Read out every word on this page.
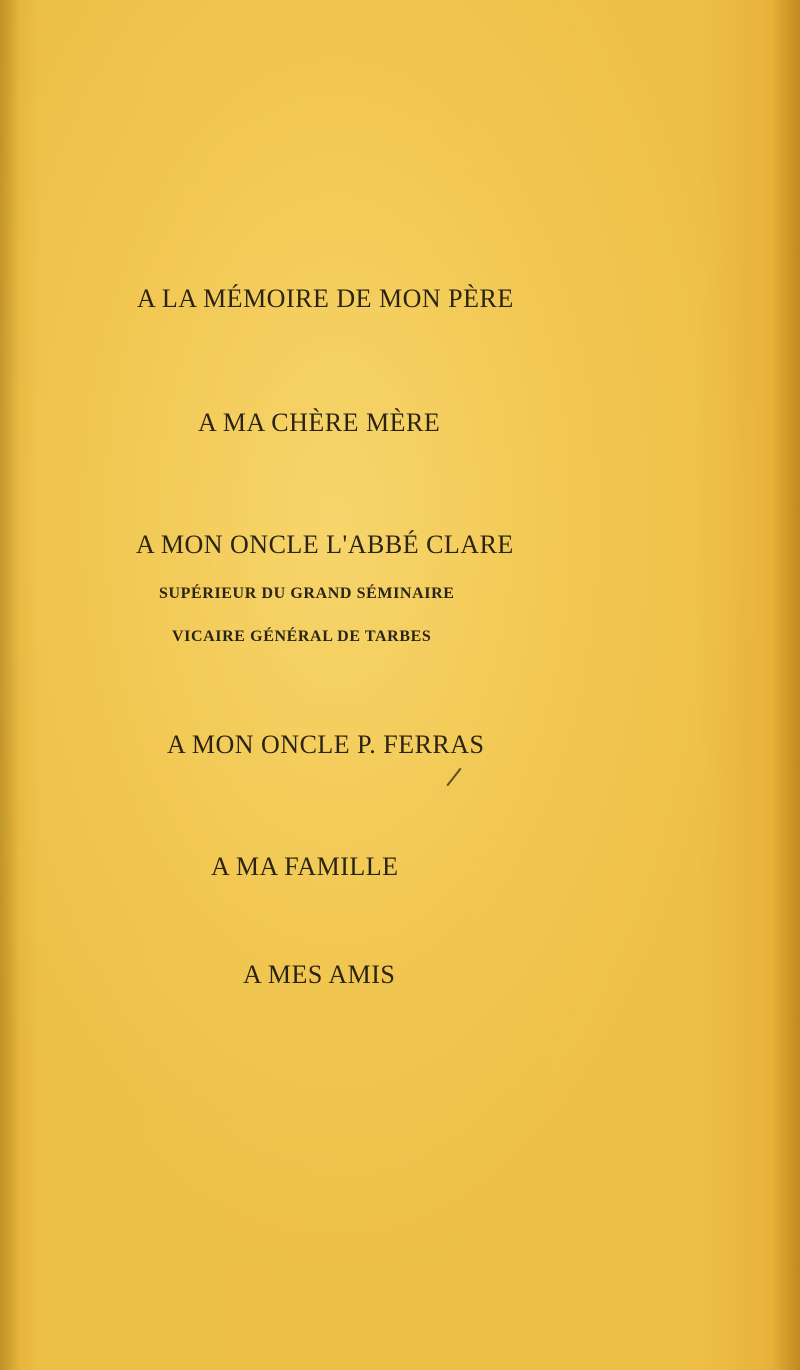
A LA MÉMOIRE DE MON PÈRE
A MA CHÈRE MÈRE
A MON ONCLE L'ABBÉ CLARE
SUPÉRIEUR DU GRAND SÉMINAIRE
VICAIRE GÉNÉRAL DE TARBES
A MON ONCLE P. FERRAS
A MA FAMILLE
A MES AMIS
